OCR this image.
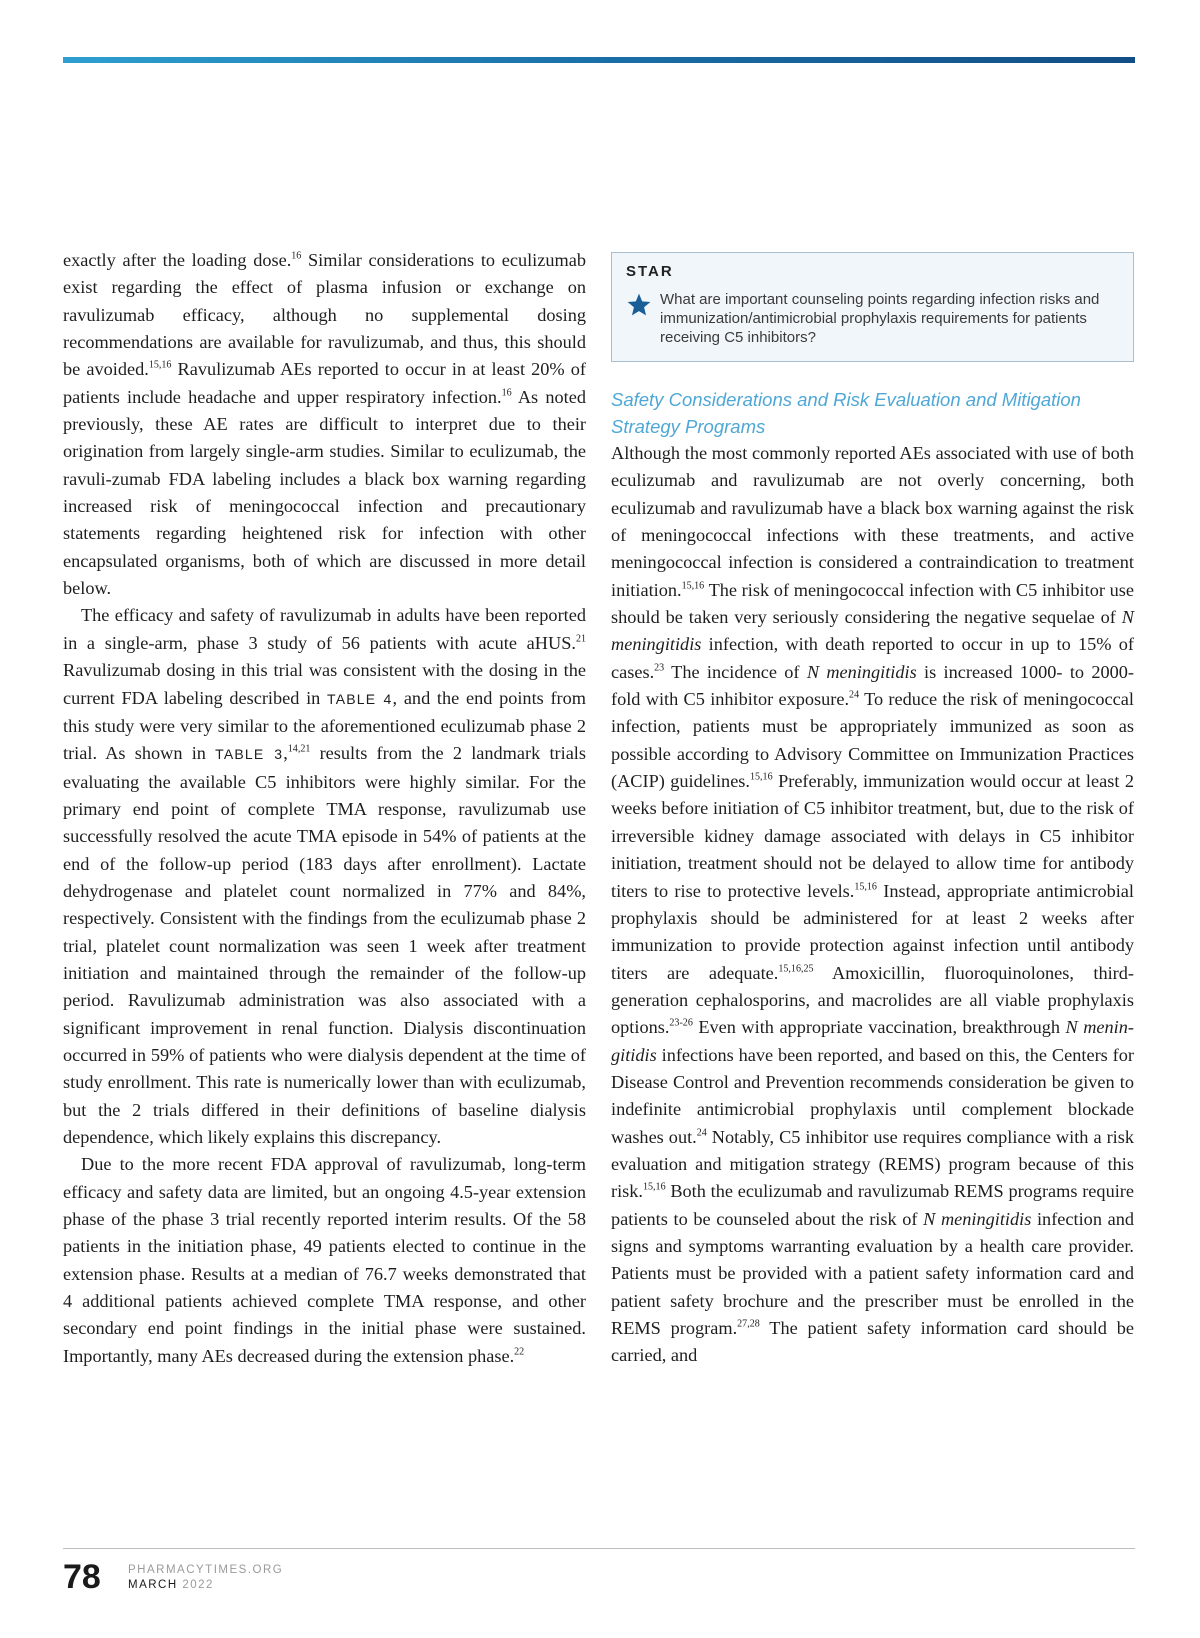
exactly after the loading dose.$^{16}$ Similar considerations to eculizumab exist regarding the effect of plasma infusion or exchange on ravulizumab efficacy, although no supplemental dosing recommendations are available for ravulizumab, and thus, this should be avoided.$^{15,16}$ Ravulizumab AEs reported to occur in at least 20% of patients include headache and upper respiratory infection.$^{16}$ As noted previously, these AE rates are difficult to interpret due to their origination from largely single-arm studies. Similar to eculizumab, the ravuli-zumab FDA labeling includes a black box warning regarding increased risk of meningococcal infection and precautionary statements regarding heightened risk for infection with other encapsulated organisms, both of which are discussed in more detail below.

The efficacy and safety of ravulizumab in adults have been reported in a single-arm, phase 3 study of 56 patients with acute aHUS.$^{21}$ Ravulizumab dosing in this trial was consistent with the dosing in the current FDA labeling described in TABLE 4, and the end points from this study were very similar to the aforementioned eculizumab phase 2 trial. As shown in TABLE 3,$^{14,21}$ results from the 2 landmark trials evaluating the available C5 inhibitors were highly similar. For the primary end point of complete TMA response, ravulizumab use successfully resolved the acute TMA episode in 54% of patients at the end of the follow-up period (183 days after enrollment). Lactate dehydrogenase and platelet count normalized in 77% and 84%, respectively. Consistent with the findings from the eculizumab phase 2 trial, platelet count normalization was seen 1 week after treatment initiation and maintained through the remainder of the follow-up period. Ravulizumab administration was also associated with a significant improvement in renal function. Dialysis discontinuation occurred in 59% of patients who were dialysis dependent at the time of study enrollment. This rate is numerically lower than with eculizumab, but the 2 trials differed in their definitions of baseline dialysis dependence, which likely explains this discrepancy.

Due to the more recent FDA approval of ravulizumab, long-term efficacy and safety data are limited, but an ongoing 4.5-year extension phase of the phase 3 trial recently reported interim results. Of the 58 patients in the initiation phase, 49 patients elected to continue in the extension phase. Results at a median of 76.7 weeks demonstrated that 4 additional patients achieved complete TMA response, and other secondary end point findings in the initial phase were sustained. Importantly, many AEs decreased during the extension phase.$^{22}$

STAR
What are important counseling points regarding infection risks and immunization/antimicrobial prophylaxis requirements for patients receiving C5 inhibitors?
Safety Considerations and Risk Evaluation and Mitigation Strategy Programs

Although the most commonly reported AEs associated with use of both eculizumab and ravulizumab are not overly concerning, both eculizumab and ravulizumab have a black box warning against the risk of meningococcal infections with these treatments, and active meningococcal infection is considered a contraindication to treatment initiation.$^{15,16}$ The risk of meningococcal infection with C5 inhibitor use should be taken very seriously considering the negative sequelae of N meningitidis infection, with death reported to occur in up to 15% of cases.$^{23}$ The incidence of N meningitidis is increased 1000- to 2000-fold with C5 inhibitor exposure.$^{24}$ To reduce the risk of meningococcal infection, patients must be appropriately immunized as soon as possible according to Advisory Committee on Immunization Practices (ACIP) guidelines.$^{15,16}$ Preferably, immunization would occur at least 2 weeks before initiation of C5 inhibitor treatment, but, due to the risk of irreversible kidney damage associated with delays in C5 inhibitor initiation, treatment should not be delayed to allow time for antibody titers to rise to protective levels.$^{15,16}$ Instead, appropriate antimicrobial prophylaxis should be administered for at least 2 weeks after immunization to provide protection against infection until antibody titers are adequate.$^{15,16,25}$ Amoxicillin, fluoroquinolones, third-generation cephalosporins, and macrolides are all viable prophylaxis options.$^{23-26}$ Even with appropriate vaccination, breakthrough N meningitidis infections have been reported, and based on this, the Centers for Disease Control and Prevention recommends consideration be given to indefinite antimicrobial prophylaxis until complement blockade washes out.$^{24}$ Notably, C5 inhibitor use requires compliance with a risk evaluation and mitigation strategy (REMS) program because of this risk.$^{15,16}$ Both the eculizumab and ravulizumab REMS programs require patients to be counseled about the risk of N meningitidis infection and signs and symptoms warranting evaluation by a health care provider. Patients must be provided with a patient safety information card and patient safety brochure and the prescriber must be enrolled in the REMS program.$^{27,28}$ The patient safety information card should be carried, and

78 PHARMACYTIMES.ORG
MARCH 2022
